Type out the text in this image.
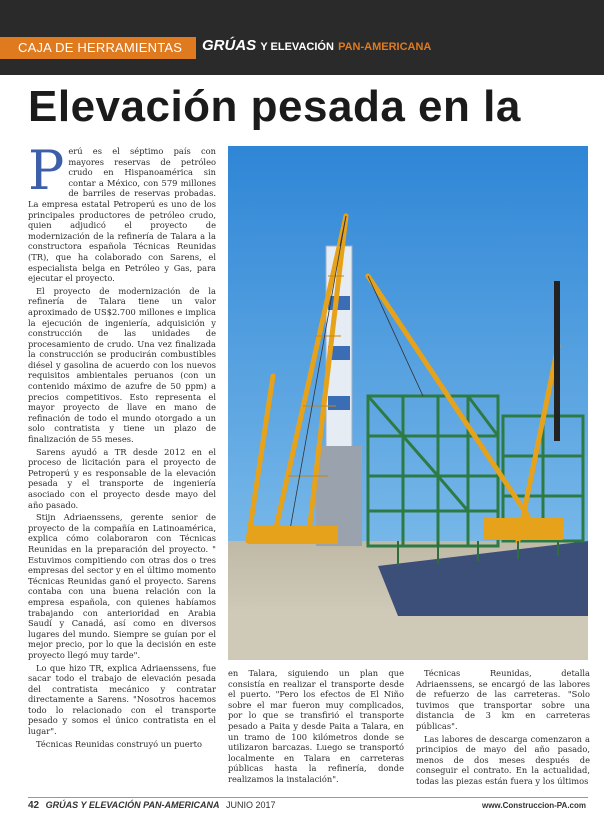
CAJA DE HERRAMIENTAS GRÚAS Y ELEVACIÓN PAN-AMERICANA
Elevación pesada en la

Perú es el séptimo país con mayores reservas de petróleo crudo en Hispanoamérica sin contar a México, con 579 millones de barriles de reservas probadas. La empresa estatal Petroperú es uno de los principales productores de petróleo crudo, quien adjudicó el proyecto de modernización de la refinería de Talara a la constructora española Técnicas Reunidas (TR), que ha colaborado con Sarens, el especialista belga en Petróleo y Gas, para ejecutar el proyecto.

El proyecto de modernización de la refinería de Talara tiene un valor aproximado de US$2.700 millones e implica la ejecución de ingeniería, adquisición y construcción de las unidades de procesamiento de crudo. Una vez finalizada la construcción se producirán combustibles diésel y gasolina de acuerdo con los nuevos requisitos ambientales peruanos (con un contenido máximo de azufre de 50 ppm) a precios competitivos. Esto representa el mayor proyecto de llave en mano de refinación de todo el mundo otorgado a un solo contratista y tiene un plazo de finalización de 55 meses.

Sarens ayudó a TR desde 2012 en el proceso de licitación para el proyecto de Petroperú y es responsable de la elevación pesada y el transporte de ingeniería asociado con el proyecto desde mayo del año pasado.

Stijn Adriaenssens, gerente senior de proyecto de la compañía en Latinoamérica, explica cómo colaboraron con Técnicas Reunidas en la preparación del proyecto. " Estuvimos compitiendo con otras dos o tres empresas del sector y en el último momento Técnicas Reunidas ganó el proyecto. Sarens contaba con una buena relación con la empresa española, con quienes habíamos trabajando con anterioridad en Arabia Saudí y Canadá, así como en diversos lugares del mundo. Siempre se guían por el mejor precio, por lo que la decisión en este proyecto llegó muy tarde".

Lo que hizo TR, explica Adriaenssens, fue sacar todo el trabajo de elevación pesada del contratista mecánico y contratar directamente a Sarens. "Nosotros hacemos todo lo relacionado con el transporte pesado y somos el único contratista en el lugar".

Técnicas Reunidas construyó un puerto

en Talara, siguiendo un plan que consistía en realizar el transporte desde el puerto. "Pero los efectos de El Niño sobre el mar fueron muy complicados, por lo que se transfirió el transporte pesado a Paita y desde Paita a Talara, en un tramo de 100 kilómetros donde se utilizaron barcazas. Luego se transportó localmente en Talara en carreteras públicas hasta la refinería, donde realizamos la instalación".

Técnicas Reunidas, detalla Adriaenssens, se encargó de las labores de refuerzo de las carreteras. "Solo tuvimos que transportar sobre una distancia de 3 km en carreteras públicas".

Las labores de descarga comenzaron a principios de mayo del año pasado, menos de dos meses después de conseguir el contrato. En la actualidad, todas las piezas están fuera y los últimos

42 GRÚAS Y ELEVACIÓN PAN-AMERICANA JUNIO 2017	www.Construccion-PA.com
